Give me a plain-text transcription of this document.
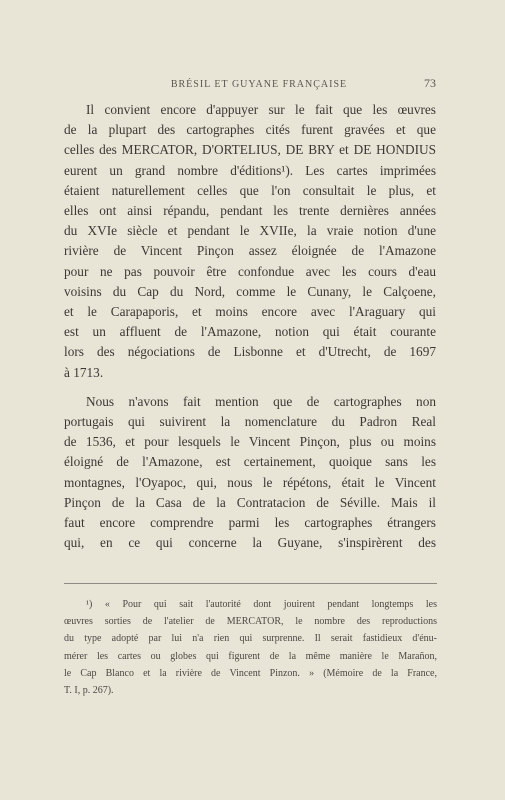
BRÉSIL ET GUYANE FRANÇAISE	73

Il convient encore d'appuyer sur le fait que les œuvres
de la plupart des cartographes cités furent gravées et que
celles des MERCATOR, D'ORTELIUS, DE BRY et DE HONDIUS
eurent un grand nombre d'éditions¹). Les cartes imprimées
étaient naturellement celles que l'on consultait le plus, et
elles ont ainsi répandu, pendant les trente dernières années
du XVIe siècle et pendant le XVIIe, la vraie notion d'une
rivière de Vincent Pinçon assez éloignée de l'Amazone
pour ne pas pouvoir être confondue avec les cours d'eau
voisins du Cap du Nord, comme le Cunany, le Calçoene,
et le Carapaporis, et moins encore avec l'Araguary qui
est un affluent de l'Amazone, notion qui était courante
lors des négociations de Lisbonne et d'Utrecht, de 1697
à 1713.

Nous n'avons fait mention que de cartographes non
portugais qui suivirent la nomenclature du Padron Real
de 1536, et pour lesquels le Vincent Pinçon, plus ou moins
éloigné de l'Amazone, est certainement, quoique sans les
montagnes, l'Oyapoc, qui, nous le répétons, était le Vincent
Pinçon de la Casa de la Contratacion de Séville. Mais il
faut encore comprendre parmi les cartographes étrangers
qui, en ce qui concerne la Guyane, s'inspirèrent des

¹) « Pour qui sait l'autorité dont jouirent pendant longtemps les
œuvres sorties de l'atelier de MERCATOR, le nombre des reproductions
du type adopté par lui n'a rien qui surprenne. Il serait fastidieux d'énu-
mérer les cartes ou globes qui figurent de la même manière le Marañon,
le Cap Blanco et la rivière de Vincent Pinzon. » (Mémoire de la France,
T. I, p. 267).
